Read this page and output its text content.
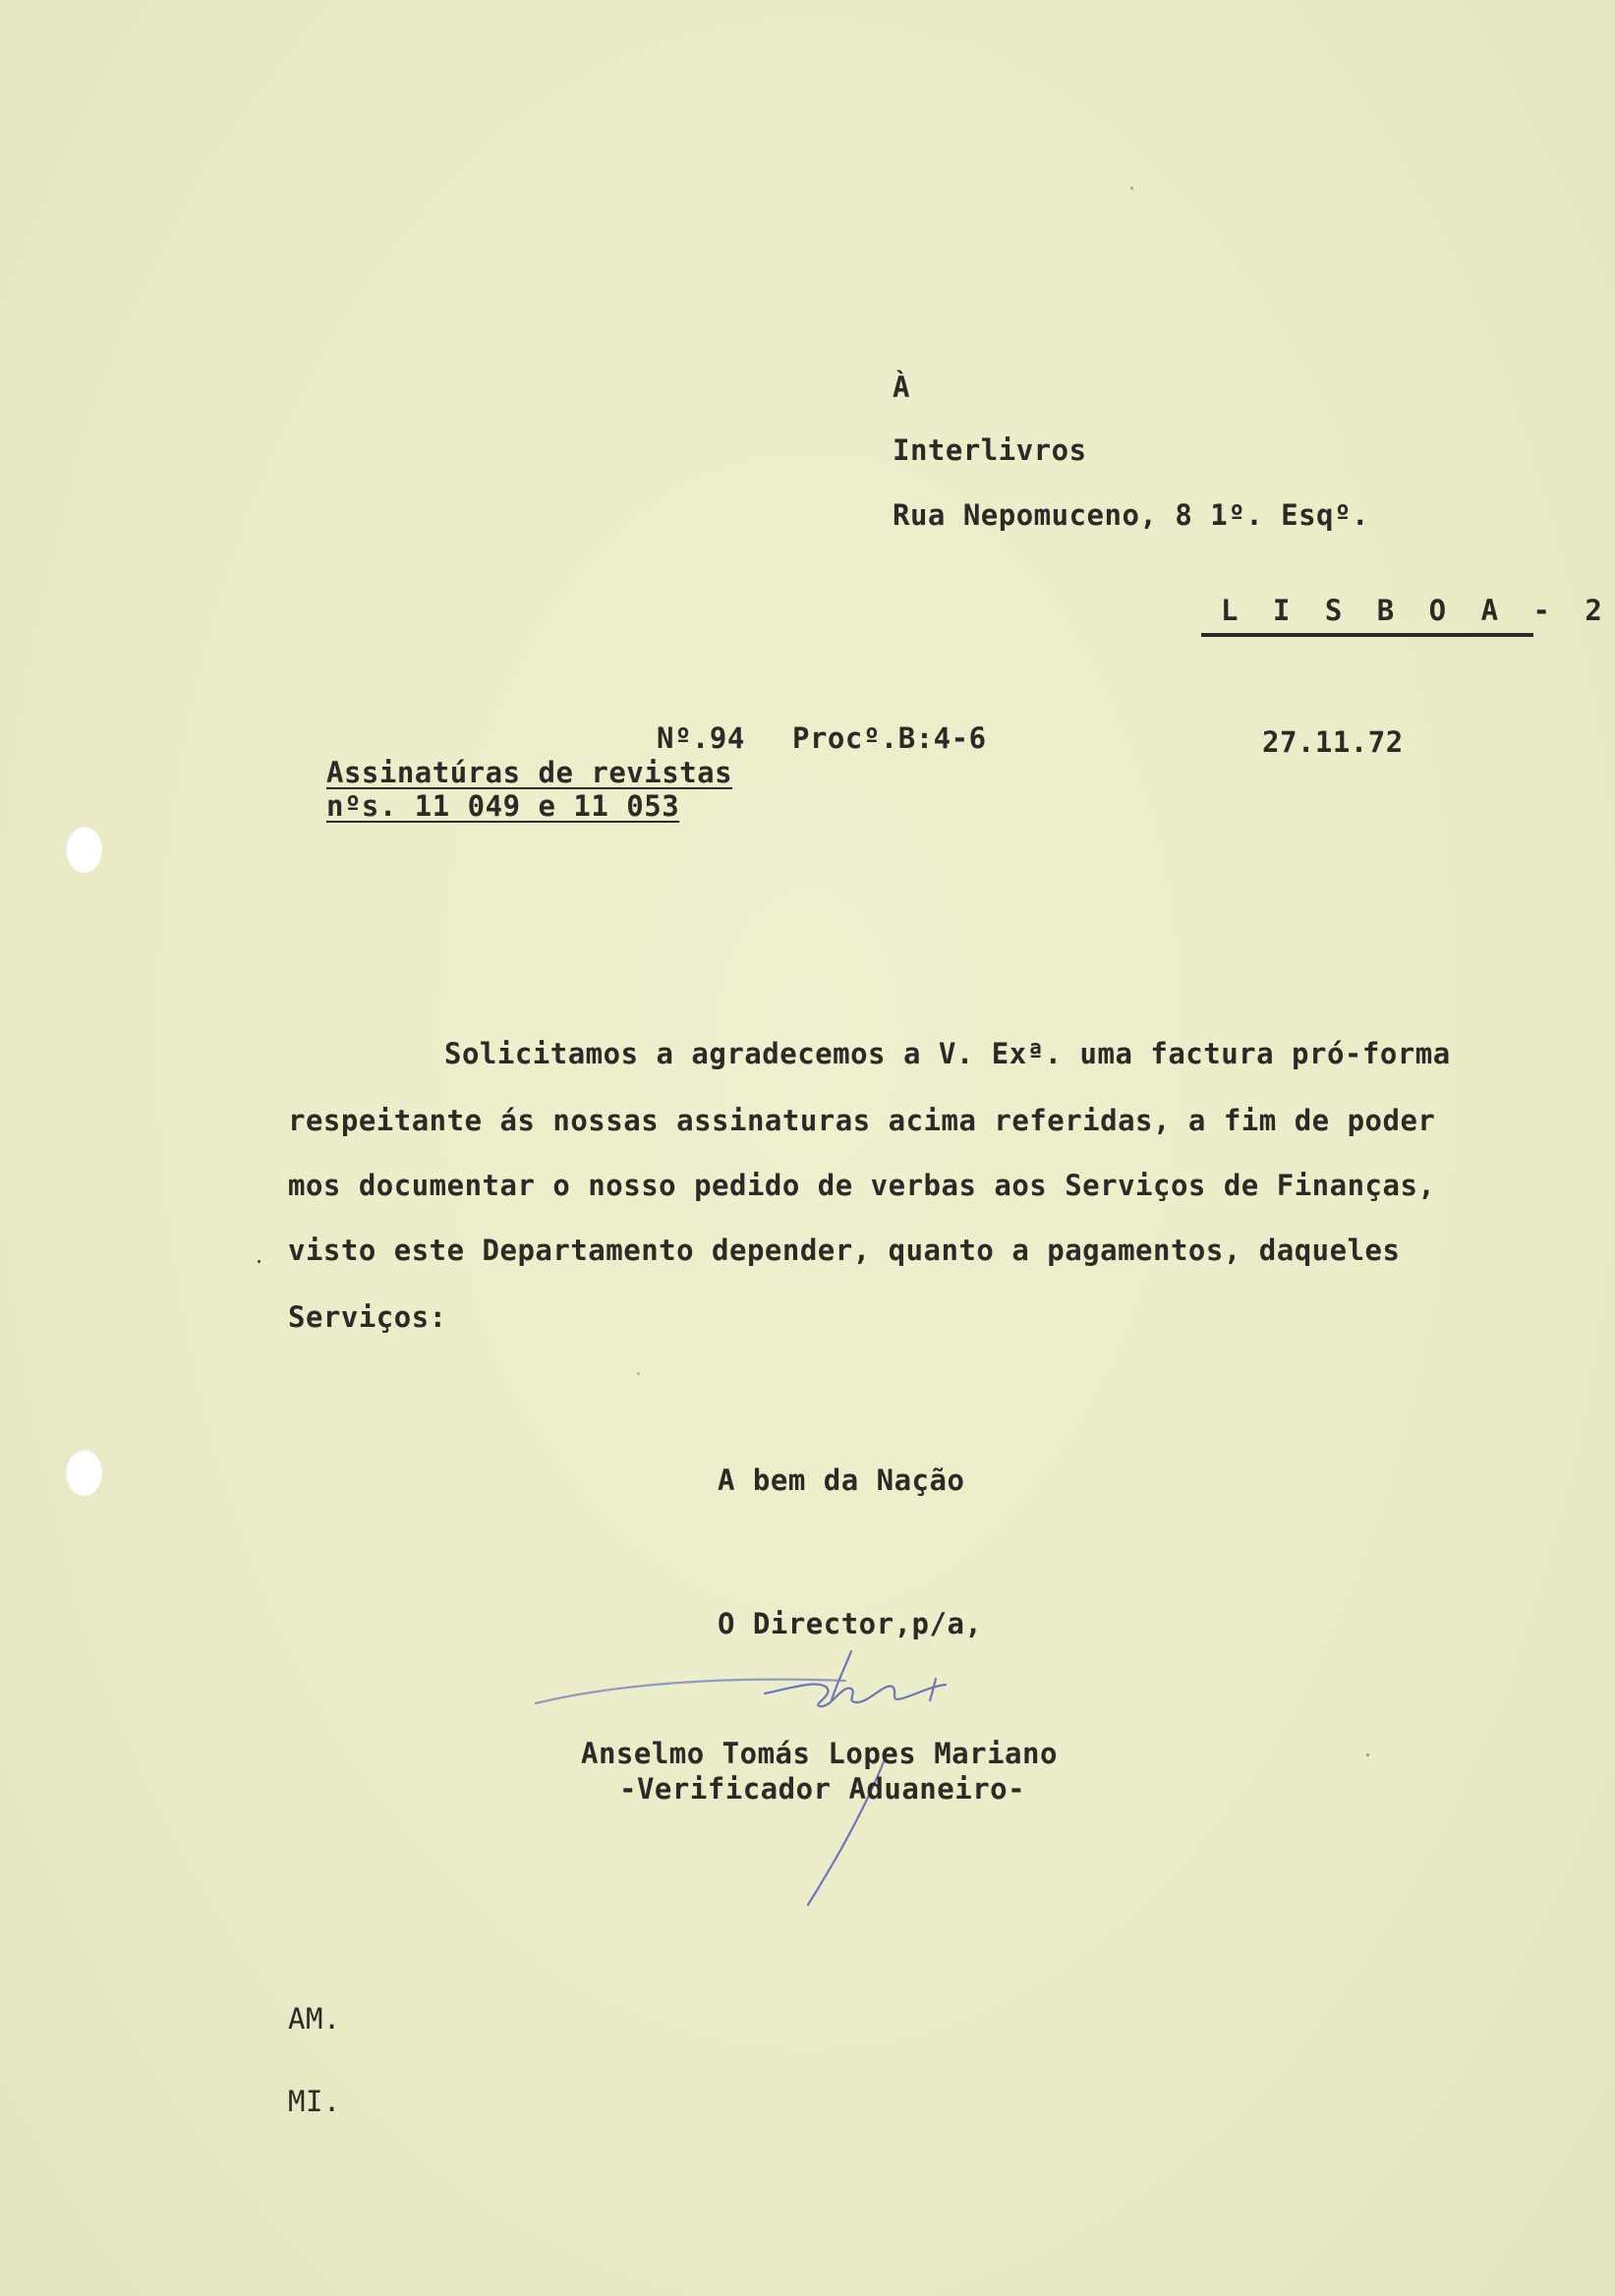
À
Interlivros
Rua Nepomuceno, 8 1º. Esqº.
L I S B O A - 2
Nº.94 Procº.B:4-6	27.11.72
Assinatúras de revistas
nºs. 11 049 e 11 053
Solicitamos a agradecemos a V. Exª. uma factura pró-forma
respeitante ás nossas assinaturas acima referidas, a fim de poder
mos documentar o nosso pedido de verbas aos Serviços de Finanças,
visto este Departamento depender, quanto a pagamentos, daqueles
Serviços:
A bem da Nação
O Director,p/a,
Anselmo Tomás Lopes Mariano
-Verificador Aduaneiro-
AM.
MI.
